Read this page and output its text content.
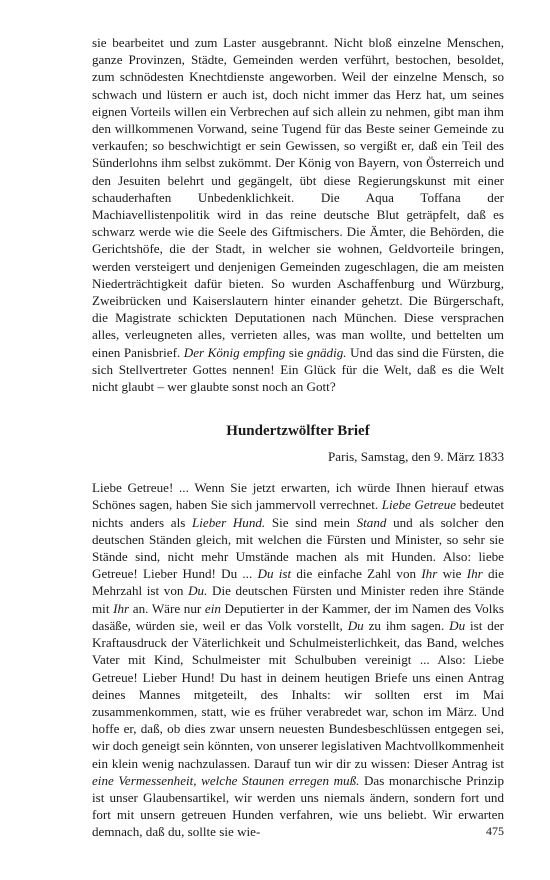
sie bearbeitet und zum Laster ausgebrannt. Nicht bloß einzelne Menschen, ganze Provinzen, Städte, Gemeinden werden verführt, bestochen, besoldet, zum schnödesten Knechtdienste angeworben. Weil der einzelne Mensch, so schwach und lüstern er auch ist, doch nicht immer das Herz hat, um seines eignen Vorteils willen ein Verbrechen auf sich allein zu nehmen, gibt man ihm den willkommenen Vorwand, seine Tugend für das Beste seiner Gemeinde zu verkaufen; so beschwichtigt er sein Gewissen, so vergißt er, daß ein Teil des Sünderlohns ihm selbst zukömmt. Der König von Bayern, von Österreich und den Jesuiten belehrt und gegängelt, übt diese Regierungskunst mit einer schauderhaften Unbedenklichkeit. Die Aqua Toffana der Machiavellistenpolitik wird in das reine deutsche Blut geträpfelt, daß es schwarz werde wie die Seele des Giftmischers. Die Ämter, die Behörden, die Gerichtshöfe, die der Stadt, in welcher sie wohnen, Geldvorteile bringen, werden versteigert und denjenigen Gemeinden zugeschlagen, die am meisten Niederträchtigkeit dafür bieten. So wurden Aschaffenburg und Würzburg, Zweibrücken und Kaiserslautern hinter einander gehetzt. Die Bürgerschaft, die Magistrate schickten Deputationen nach München. Diese versprachen alles, verleugneten alles, verrieten alles, was man wollte, und bettelten um einen Panisbrief. Der König empfing sie gnädig. Und das sind die Fürsten, die sich Stellvertreter Gottes nennen! Ein Glück für die Welt, daß es die Welt nicht glaubt – wer glaubte sonst noch an Gott?

Hundertzwölfter Brief
Paris, Samstag, den 9. März 1833

Liebe Getreue! ... Wenn Sie jetzt erwarten, ich würde Ihnen hierauf etwas Schönes sagen, haben Sie sich jammervoll verrechnet. Liebe Getreue bedeutet nichts anders als Lieber Hund. Sie sind mein Stand und als solcher den deutschen Ständen gleich, mit welchen die Fürsten und Minister, so sehr sie Stände sind, nicht mehr Umstände machen als mit Hunden. Also: liebe Getreue! Lieber Hund! Du ... Du ist die einfache Zahl von Ihr wie Ihr die Mehrzahl ist von Du. Die deutschen Fürsten und Minister reden ihre Stände mit Ihr an. Wäre nur ein Deputierter in der Kammer, der im Namen des Volks dasäße, würden sie, weil er das Volk vorstellt, Du zu ihm sagen. Du ist der Kraftausdruck der Väterlichkeit und Schulmeisterlichkeit, das Band, welches Vater mit Kind, Schulmeister mit Schulbuben vereinigt ... Also: Liebe Getreue! Lieber Hund! Du hast in deinem heutigen Briefe uns einen Antrag deines Mannes mitgeteilt, des Inhalts: wir sollten erst im Mai zusammenkommen, statt, wie es früher verabredet war, schon im März. Und hoffe er, daß, ob dies zwar unsern neuesten Bundesbeschlüssen entgegen sei, wir doch geneigt sein könnten, von unserer legislativen Machtvollkommenheit ein klein wenig nachzulassen. Darauf tun wir dir zu wissen: Dieser Antrag ist eine Vermessenheit, welche Staunen erregen muß. Das monarchische Prinzip ist unser Glaubensartikel, wir werden uns niemals ändern, sondern fort und fort mit unsern getreuen Hunden verfahren, wie uns beliebt. Wir erwarten demnach, daß du, sollte sie wie-	475
